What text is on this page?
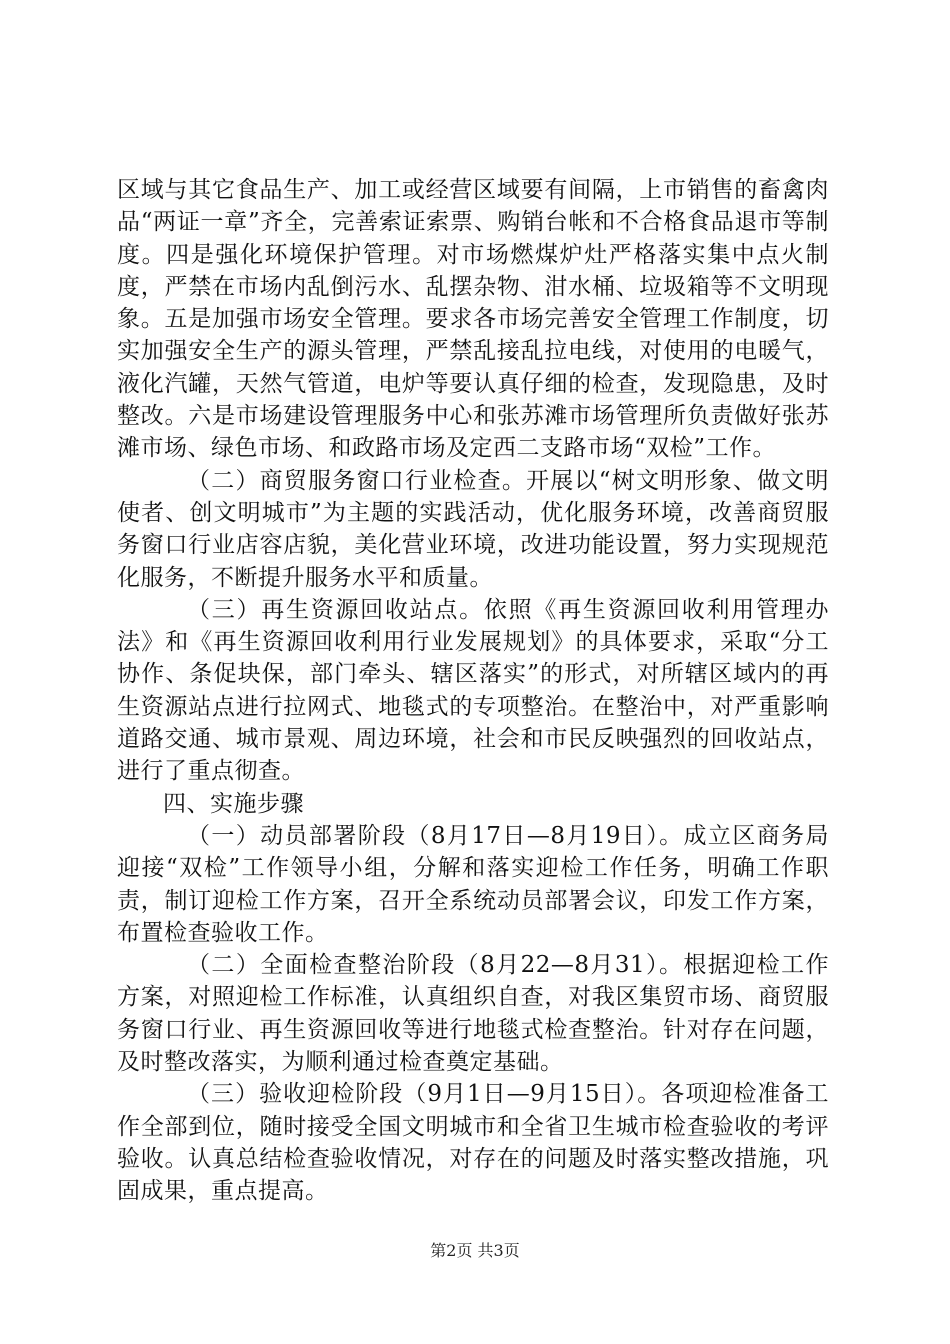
区域与其它食品生产、加工或经营区域要有间隔，上市销售的畜禽肉品“两证一章”齐全，完善索证索票、购销台帐和不合格食品退市等制度。四是强化环境保护管理。对市场燃煤炉灶严格落实集中点火制度，严禁在市场内乱倒污水、乱摆杂物、泔水桶、垃圾箱等不文明现象。五是加强市场安全管理。要求各市场完善安全管理工作制度，切实加强安全生产的源头管理，严禁乱接乱拉电线，对使用的电暖气，液化汽罐，天然气管道，电炉等要认真仔细的检查，发现隐患，及时整改。六是市场建设管理服务中心和张苏滩市场管理所负责做好张苏滩市场、绿色市场、和政路市场及定西二支路市场“双检”工作。

（二）商贸服务窗口行业检查。开展以“树文明形象、做文明使者、创文明城市”为主题的实践活动，优化服务环境，改善商贸服务窗口行业店容店貌，美化营业环境，改进功能设置，努力实现规范化服务，不断提升服务水平和质量。

（三）再生资源回收站点。依照《再生资源回收利用管理办法》和《再生资源回收利用行业发展规划》的具体要求，采取“分工协作、条促块保，部门牵头、辖区落实”的形式，对所辖区域内的再生资源站点进行拉网式、地毯式的专项整治。在整治中，对严重影响道路交通、城市景观、周边环境，社会和市民反映强烈的回收站点，进行了重点彻查。

四、实施步骤

（一）动员部署阶段（8月17日—8月19日）。成立区商务局迎接“双检”工作领导小组，分解和落实迎检工作任务，明确工作职责，制订迎检工作方案，召开全系统动员部署会议，印发工作方案，布置检查验收工作。

（二）全面检查整治阶段（8月22—8月31）。根据迎检工作方案，对照迎检工作标准，认真组织自查，对我区集贸市场、商贸服务窗口行业、再生资源回收等进行地毯式检查整治。针对存在问题，及时整改落实，为顺利通过检查奠定基础。

（三）验收迎检阶段（9月1日—9月15日）。各项迎检准备工作全部到位，随时接受全国文明城市和全省卫生城市检查验收的考评验收。认真总结检查验收情况，对存在的问题及时落实整改措施，巩固成果，重点提高。

第2页 共3页
